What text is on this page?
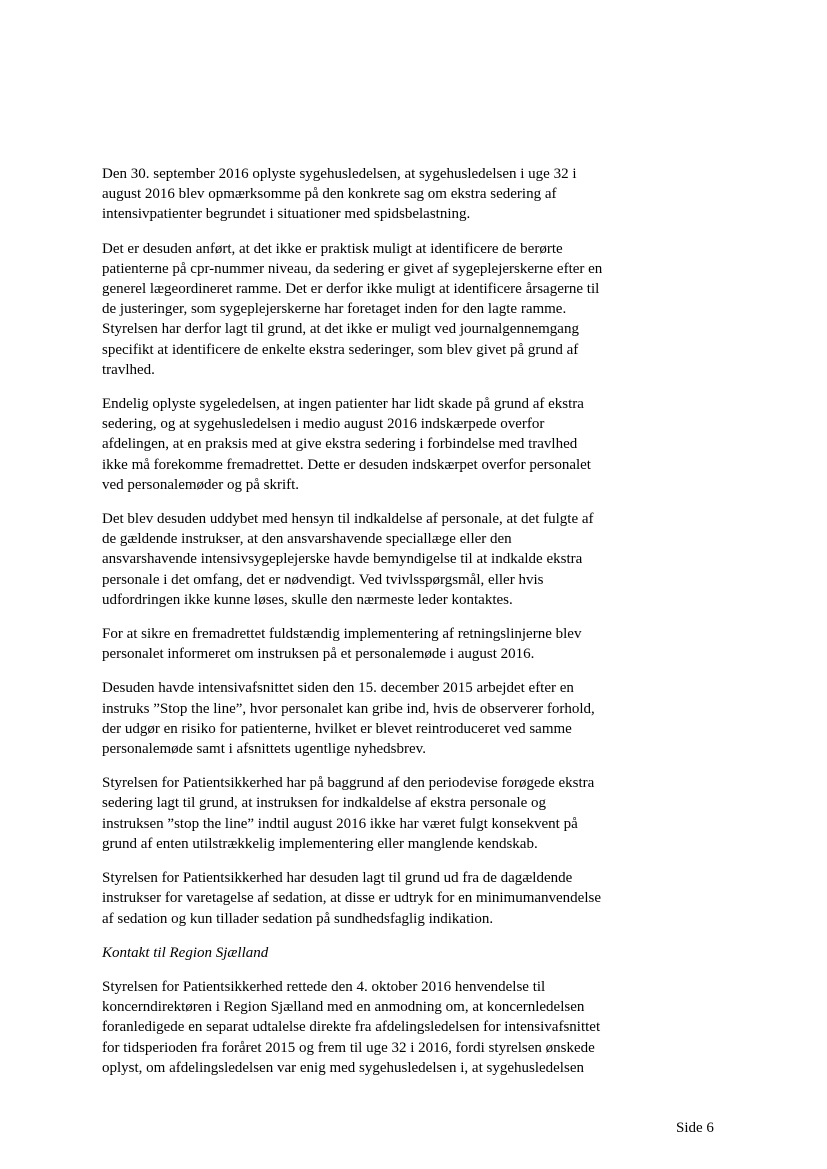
Den 30. september 2016 oplyste sygehusledelsen, at sygehusledelsen i uge 32 i
august 2016 blev opmærksomme på den konkrete sag om ekstra sedering af
intensivpatienter begrundet i situationer med spidsbelastning.

Det er desuden anført, at det ikke er praktisk muligt at identificere de berørte
patienterne på cpr-nummer niveau, da sedering er givet af sygeplejerskerne efter en
generel lægeordineret ramme. Det er derfor ikke muligt at identificere årsagerne til
de justeringer, som sygeplejerskerne har foretaget inden for den lagte ramme.
Styrelsen har derfor lagt til grund, at det ikke er muligt ved journalgennemgang
specifikt at identificere de enkelte ekstra sederinger, som blev givet på grund af
travlhed.

Endelig oplyste sygeledelsen, at ingen patienter har lidt skade på grund af ekstra
sedering, og at sygehusledelsen i medio august 2016 indskærpede overfor
afdelingen, at en praksis med at give ekstra sedering i forbindelse med travlhed
ikke må forekomme fremadrettet. Dette er desuden indskærpet overfor personalet
ved personalemøder og på skrift.

Det blev desuden uddybet med hensyn til indkaldelse af personale, at det fulgte af
de gældende instrukser, at den ansvarshavende speciallæge eller den
ansvarshavende intensivsygeplejerske havde bemyndigelse til at indkalde ekstra
personale i det omfang, det er nødvendigt. Ved tvivlsspørgsmål, eller hvis
udfordringen ikke kunne løses, skulle den nærmeste leder kontaktes.

For at sikre en fremadrettet fuldstændig implementering af retningslinjerne blev
personalet informeret om instruksen på et personalemøde i august 2016.

Desuden havde intensivafsnittet siden den 15. december 2015 arbejdet efter en
instruks ”Stop the line”, hvor personalet kan gribe ind, hvis de observerer forhold,
der udgør en risiko for patienterne, hvilket er blevet reintroduceret ved samme
personalemøde samt i afsnittets ugentlige nyhedsbrev.

Styrelsen for Patientsikkerhed har på baggrund af den periodevise forøgede ekstra
sedering lagt til grund, at instruksen for indkaldelse af ekstra personale og
instruksen ”stop the line” indtil august 2016 ikke har været fulgt konsekvent på
grund af enten utilstrækkelig implementering eller manglende kendskab.

Styrelsen for Patientsikkerhed har desuden lagt til grund ud fra de dagældende
instrukser for varetagelse af sedation, at disse er udtryk for en minimumanvendelse
af sedation og kun tillader sedation på sundhedsfaglig indikation.

Kontakt til Region Sjælland

Styrelsen for Patientsikkerhed rettede den 4. oktober 2016 henvendelse til
koncerndirektøren i Region Sjælland med en anmodning om, at koncernledelsen
foranledigede en separat udtalelse direkte fra afdelingsledelsen for intensivafsnittet
for tidsperioden fra foråret 2015 og frem til uge 32 i 2016, fordi styrelsen ønskede
oplyst, om afdelingsledelsen var enig med sygehusledelsen i, at sygehusledelsen

Side 6
